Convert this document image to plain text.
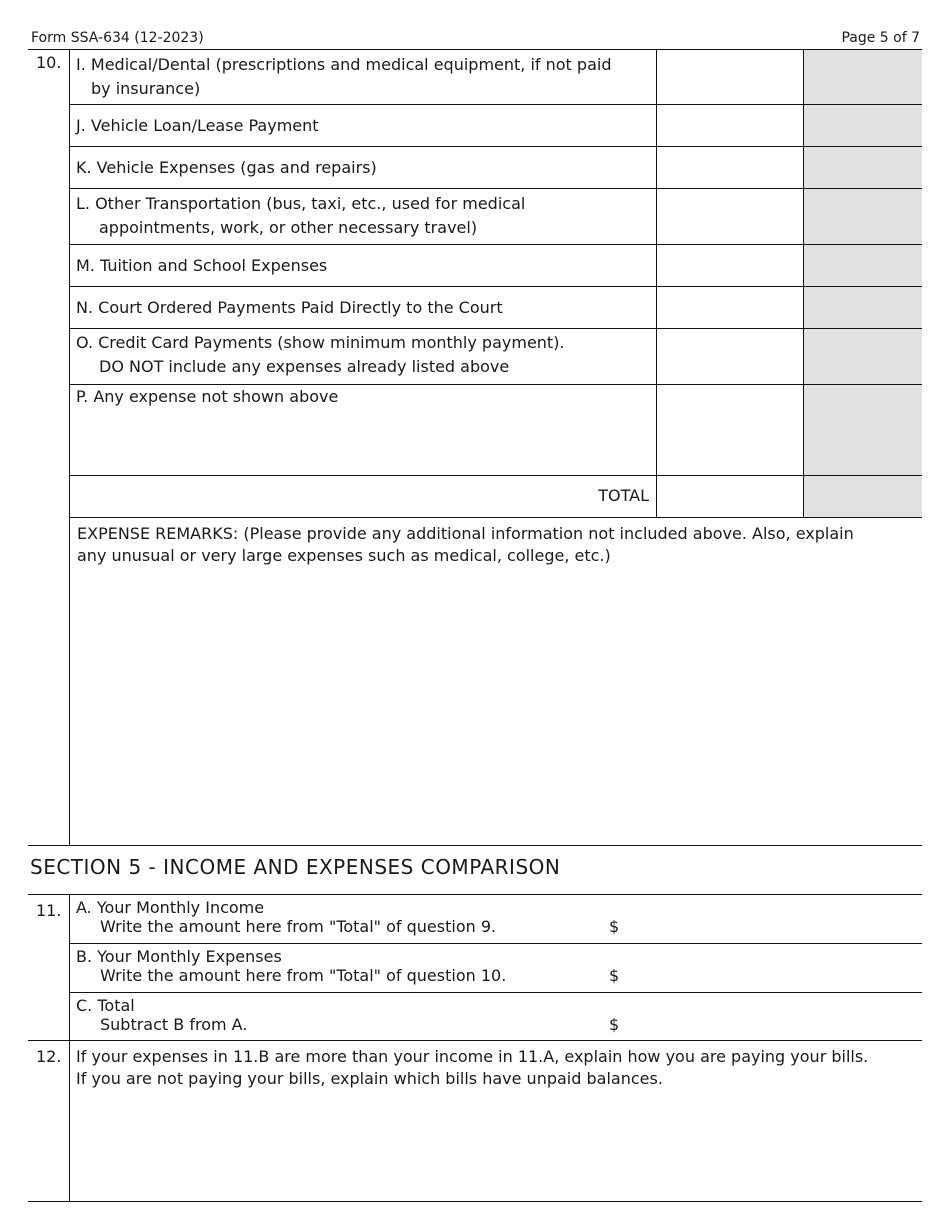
Form SSA-634 (12-2023)	Page 5 of 7
10. I. Medical/Dental (prescriptions and medical equipment, if not paid
by insurance)
J. Vehicle Loan/Lease Payment
K. Vehicle Expenses (gas and repairs)
L. Other Transportation (bus, taxi, etc., used for medical
appointments, work, or other necessary travel)
M. Tuition and School Expenses
N. Court Ordered Payments Paid Directly to the Court
O. Credit Card Payments (show minimum monthly payment).
DO NOT include any expenses already listed above
P. Any expense not shown above
TOTAL
EXPENSE REMARKS: (Please provide any additional information not included above. Also, explain
any unusual or very large expenses such as medical, college, etc.)
SECTION 5 - INCOME AND EXPENSES COMPARISON
11. A. Your Monthly Income
Write the amount here from "Total" of question 9.	$
B. Your Monthly Expenses
Write the amount here from "Total" of question 10.	$
C. Total
Subtract B from A.	$
12. If your expenses in 11.B are more than your income in 11.A, explain how you are paying your bills.
If you are not paying your bills, explain which bills have unpaid balances.
